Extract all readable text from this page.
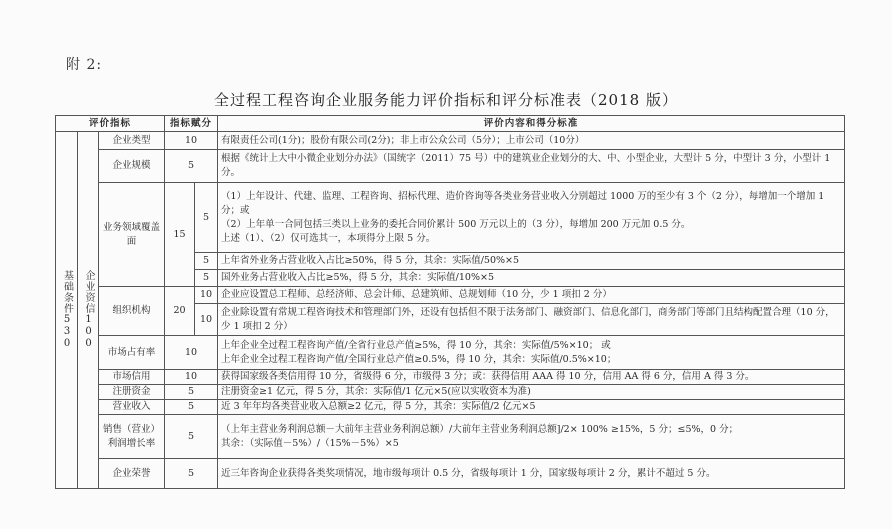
附 2:
全过程工程咨询企业服务能力评价指标和评分标准表（2018 版）
评价指标			指标赋分		评价内容和得分标准

基础条件530	企业资信100	企业类型	10		有限责任公司(1分)；股份有限公司(2分)；非上市公众公司（5分）；上市公司（10分）
		企业规模	5		根据《统计上大中小微企业划分办法》（国统字（2011）75 号）中的建筑业企业划分的大、中、小型企业，大型计 5 分，中型计 3 分，小型计 1 分。
		业务领域覆盖面	15	5	（1）上年设计、代建、监理、工程咨询、招标代理、造价咨询等各类业务营业收入分别超过 1000 万的至少有 3 个（2 分），每增加一个增加 1 分；或

（2）上年单一合同包括三类以上业务的委托合同价累计 500 万元以上的（3 分），每增加 200 万元加 0.5 分。

上述（1）、（2）仅可选其一，本项得分上限 5 分。

				5	上年省外业务占营业收入占比≥50%，得 5 分，其余：实际值/50%×5
				5	国外业务占营业收入占比≥5%，得 5 分，其余：实际值/10%×5
		组织机构	20	10	企业应设置总工程师、总经济师、总会计师、总建筑师、总规划师（10 分，少 1 项扣 2 分）
				10	企业除设置有常规工程咨询技术和管理部门外，还设有包括但不限于法务部门、融资部门、信息化部门，商务部门等部门且结构配置合理（10 分，少 1 项扣 2 分）
		市场占有率	10		上年企业全过程工程咨询产值/全省行业总产值≥5%，得 10 分，其余：实际值/5%×10； 或

上年企业全过程工程咨询产值/全国行业总产值≥0.5%，得 10 分，其余：实际值/0.5%×10；

		市场信用	10		获得国家级各类信用得 10 分，省级得 6 分，市级得 3 分；或：获得信用 AAA 得 10 分，信用 AA 得 6 分，信用 A 得 3 分。
		注册资金	5		注册资金≥1 亿元，得 5 分，其余：实际值/1 亿元×5(应以实收资本为准)
		营业收入	5		近 3 年年均各类营业收入总额≥2 亿元，得 5 分，其余：实际值/2 亿元×5
		销售（营业）利润增长率	5		（上年主营业务利润总额－大前年主营业务利润总额）/大前年主营业务利润总额]/2× 100% ≥15%，5 分；≤5%，0 分；

其余：（实际值－5%）/（15%－5%）×5

		企业荣誉	5		近三年咨询企业获得各类奖项情况，地市级每项计 0.5 分，省级每项计 1 分，国家级每项计 2 分，累计不超过 5 分。
